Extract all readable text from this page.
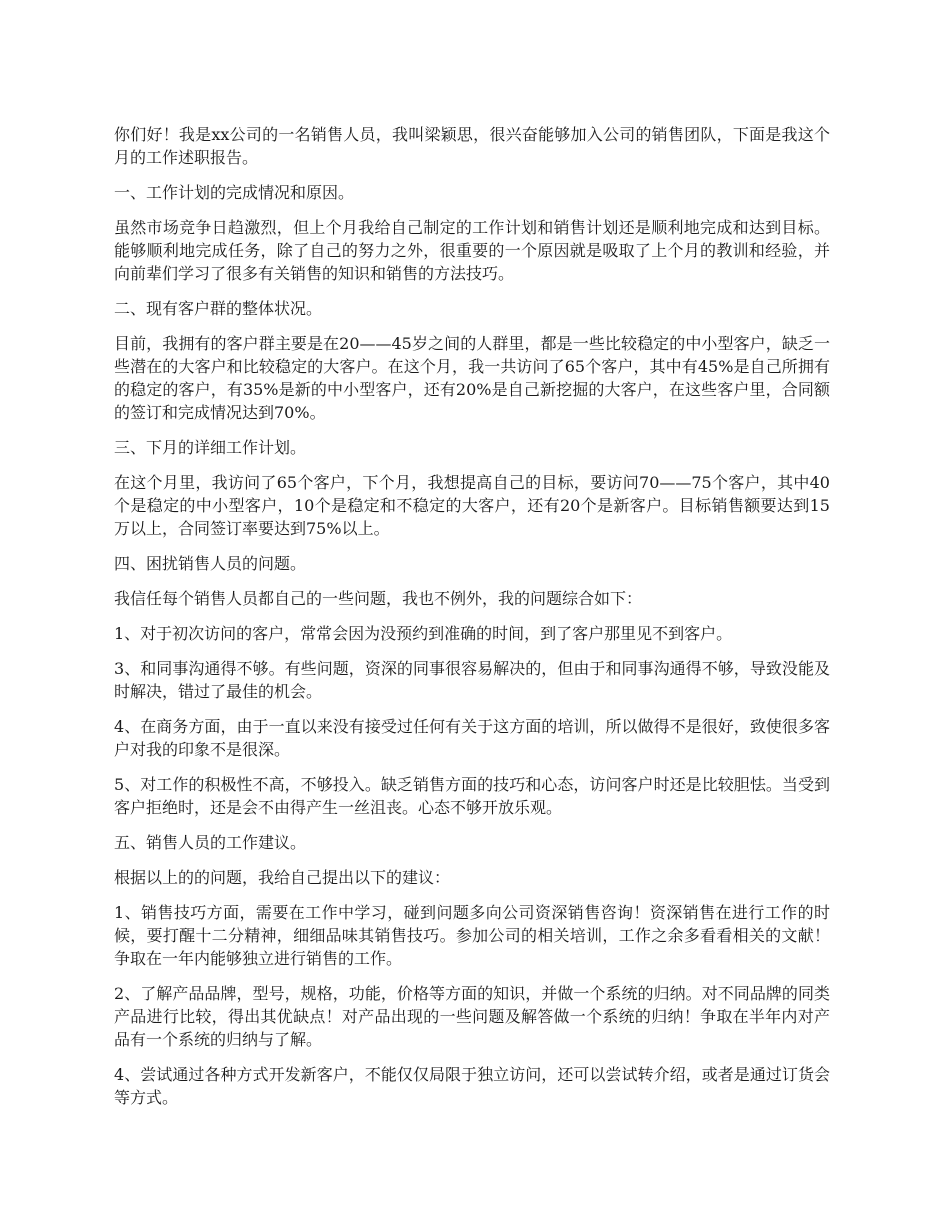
你们好！我是xx公司的一名销售人员，我叫梁颖思，很兴奋能够加入公司的销售团队，下面是我这个月的工作述职报告。

一、工作计划的完成情况和原因。

虽然市场竞争日趋激烈，但上个月我给自己制定的工作计划和销售计划还是顺利地完成和达到目标。能够顺利地完成任务，除了自己的努力之外，很重要的一个原因就是吸取了上个月的教训和经验，并向前辈们学习了很多有关销售的知识和销售的方法技巧。

二、现有客户群的整体状况。

目前，我拥有的客户群主要是在20——45岁之间的人群里，都是一些比较稳定的中小型客户，缺乏一些潜在的大客户和比较稳定的大客户。在这个月，我一共访问了65个客户，其中有45%是自己所拥有的稳定的客户，有35%是新的中小型客户，还有20%是自己新挖掘的大客户，在这些客户里，合同额的签订和完成情况达到70%。

三、下月的详细工作计划。

在这个月里，我访问了65个客户，下个月，我想提高自己的目标，要访问70——75个客户，其中40个是稳定的中小型客户，10个是稳定和不稳定的大客户，还有20个是新客户。目标销售额要达到15万以上，合同签订率要达到75%以上。

四、困扰销售人员的问题。

我信任每个销售人员都自己的一些问题，我也不例外，我的问题综合如下：

1、对于初次访问的客户，常常会因为没预约到准确的时间，到了客户那里见不到客户。

3、和同事沟通得不够。有些问题，资深的同事很容易解决的，但由于和同事沟通得不够，导致没能及时解决，错过了最佳的机会。

4、在商务方面，由于一直以来没有接受过任何有关于这方面的培训，所以做得不是很好，致使很多客户对我的印象不是很深。

5、对工作的积极性不高，不够投入。缺乏销售方面的技巧和心态，访问客户时还是比较胆怯。当受到客户拒绝时，还是会不由得产生一丝沮丧。心态不够开放乐观。

五、销售人员的工作建议。

根据以上的的问题，我给自己提出以下的建议：

1、销售技巧方面，需要在工作中学习，碰到问题多向公司资深销售咨询！资深销售在进行工作的时候，要打醒十二分精神，细细品味其销售技巧。参加公司的相关培训，工作之余多看看相关的文献！争取在一年内能够独立进行销售的工作。

2、了解产品品牌，型号，规格，功能，价格等方面的知识，并做一个系统的归纳。对不同品牌的同类产品进行比较，得出其优缺点！对产品出现的一些问题及解答做一个系统的归纳！争取在半年内对产品有一个系统的归纳与了解。

4、尝试通过各种方式开发新客户，不能仅仅局限于独立访问，还可以尝试转介绍，或者是通过订货会等方式。
